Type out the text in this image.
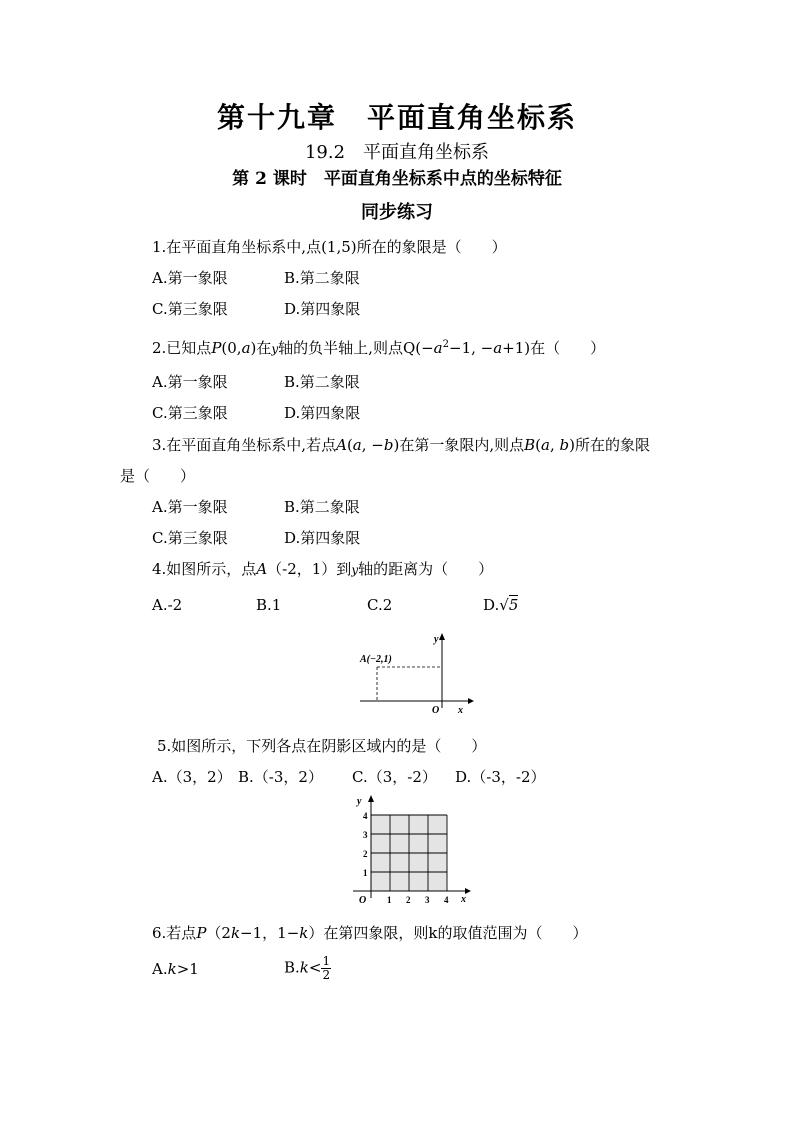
第十九章　平面直角坐标系
19.2　平面直角坐标系
第 2 课时　平面直角坐标系中点的坐标特征
同步练习
1.在平面直角坐标系中,点(1,5)所在的象限是（　　）
A.第一象限	B.第二象限
C.第三象限	D.第四象限
2.已知点P(0,a)在y轴的负半轴上,则点$Q(-a^2-1$, −a+1)在（　　）
A.第一象限	B.第二象限
C.第三象限	D.第四象限
3.在平面直角坐标系中,若点A(a, −b)在第一象限内,则点B(a, b)所在的象限
是（　　）
A.第一象限	B.第二象限
C.第三象限	D.第四象限
4.如图所示，点A（-2，1）到y轴的距离为（　　）
A.-2	B.1	C.2	D.√5
A(−2,1)
y
x
O
5.如图所示，下列各点在阴影区域内的是（　　）
A.（3，2） B.（-3，2） C.（3，-2） D.（-3，-2）
y
x
O 1 2 3 4
1
2
3
4
6.若点P（2k−1，1−k）在第四象限，则k的取值范围为（　　）
A.k>1	$B.k< \frac{1}{2}$
